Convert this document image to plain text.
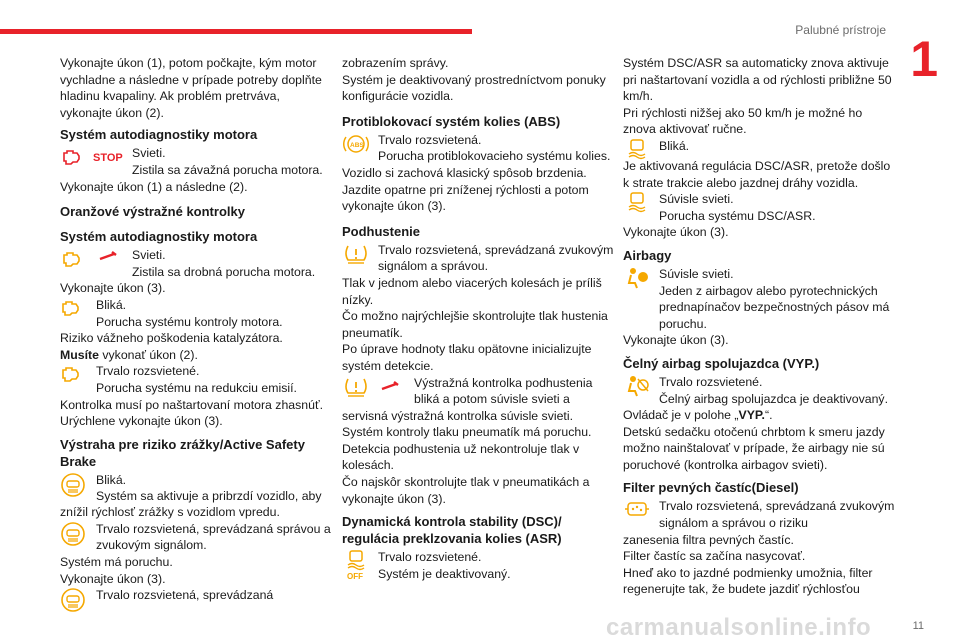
Palubné prístroje
1

Vykonajte úkon (1), potom počkajte, kým motor vychladne a následne v prípade potreby doplňte hladinu kvapaliny. Ak problém pretrváva, vykonajte úkon (2).

Systém autodiagnostiky motora

STOP Svieti.

Zistila sa závažná porucha motora.

Vykonajte úkon (1) a následne (2).

Oranžové výstražné kontrolky

Systém autodiagnostiky motora

Svieti.

Zistila sa drobná porucha motora.

Vykonajte úkon (3).

Bliká.

Porucha systému kontroly motora.

Riziko vážneho poškodenia katalyzátora.

Musíte vykonať úkon (2).

Trvalo rozsvietené.

Porucha systému na redukciu emisií.

Kontrolka musí po naštartovaní motora zhasnúť.

Urýchlene vykonajte úkon (3).

Výstraha pre riziko zrážky/Active Safety Brake

Bliká.

Systém sa aktivuje a pribrzdí vozidlo, aby znížil rýchlosť zrážky s vozidlom vpredu.

Trvalo rozsvietená, sprevádzaná správou a zvukovým signálom.

Systém má poruchu.

Vykonajte úkon (3).

Trvalo rozsvietená, sprevádzaná

zobrazením správy.

Systém je deaktivovaný prostredníctvom ponuky konfigurácie vozidla.

Protiblokovací systém kolies (ABS)

ABS Trvalo rozsvietená.

Porucha protiblokovacieho systému kolies.

Vozidlo si zachová klasický spôsob brzdenia.

Jazdite opatrne pri zníženej rýchlosti a potom vykonajte úkon (3).

Podhustenie

Trvalo rozsvietená, sprevádzaná zvukovým signálom a správou.

Tlak v jednom alebo viacerých kolesách je príliš nízky.

Čo možno najrýchlejšie skontrolujte tlak hustenia pneumatík.

Po úprave hodnoty tlaku opätovne inicializujte systém detekcie.

Výstražná kontrolka podhustenia bliká a potom súvisle svieti a

servisná výstražná kontrolka súvisle svieti.

Systém kontroly tlaku pneumatík má poruchu.

Detekcia podhustenia už nekontroluje tlak v kolesách.

Čo najskôr skontrolujte tlak v pneumatikách a vykonajte úkon (3).

Dynamická kontrola stability (DSC)/ regulácia preklzovania kolies (ASR)

OFF

Trvalo rozsvietené.

Systém je deaktivovaný.

Systém DSC/ASR sa automaticky znova aktivuje pri naštartovaní vozidla a od rýchlosti približne 50 km/h.

Pri rýchlosti nižšej ako 50 km/h je možné ho znova aktivovať ručne.

Bliká.

Je aktivovaná regulácia DSC/ASR, pretože došlo k strate trakcie alebo jazdnej dráhy vozidla.

Súvisle svieti.

Porucha systému DSC/ASR.

Vykonajte úkon (3).

Airbagy

Súvisle svieti.

Jeden z airbagov alebo pyrotechnických prednapínačov bezpečnostných pásov má poruchu.

Vykonajte úkon (3).

Čelný airbag spolujazdca (VYP.)

Trvalo rozsvietené.

Čelný airbag spolujazdca je deaktivovaný.

Ovládač je v polohe „VYP.“.

Detskú sedačku otočenú chrbtom k smeru jazdy možno nainštalovať v prípade, že airbagy nie sú poruchové (kontrolka airbagov svieti).

Filter pevných častíc(Diesel)

Trvalo rozsvietená, sprevádzaná zvukovým signálom a správou o riziku

zanesenia filtra pevných častíc.

Filter častíc sa začína nasycovať.

Hneď ako to jazdné podmienky umožnia, filter regenerujte tak, že budete jazdiť rýchlosťou

carmanualsonline.info	11
